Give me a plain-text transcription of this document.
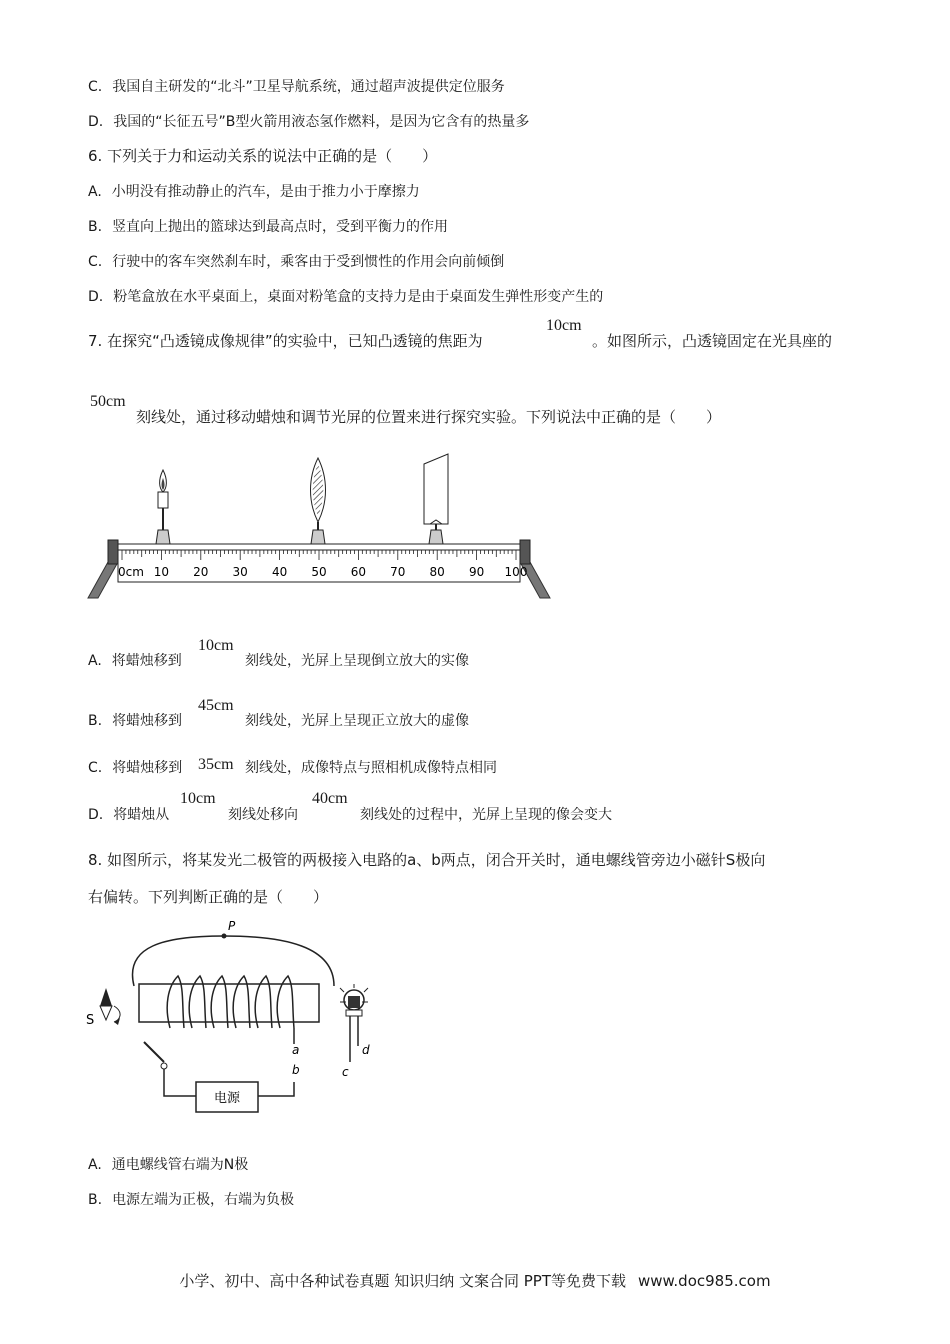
C. 我国自主研发的“北斗”卫星导航系统，通过超声波提供定位服务
D. 我国的“长征五号”B型火箭用液态氢作燃料，是因为它含有的热量多
6. 下列关于力和运动关系的说法中正确的是（　　）
A. 小明没有推动静止的汽车，是由于推力小于摩擦力
B. 竖直向上抛出的篮球达到最高点时，受到平衡力的作用
C. 行驶中的客车突然刹车时，乘客由于受到惯性的作用会向前倾倒
D. 粉笔盒放在水平桌面上，桌面对粉笔盒的支持力是由于桌面发生弹性形变产生的
7. 在探究“凸透镜成像规律”的实验中，已知凸透镜的焦距为
10cm
。如图所示，凸透镜固定在光具座的
50cm
刻线处，通过移动蜡烛和调节光屏的位置来进行探究实验。下列说法中正确的是（　　）
0cm 10 20 30 40 50 60 70 80 90 100
A. 将蜡烛移到
10cm
刻线处，光屏上呈现倒立放大的实像
B. 将蜡烛移到
45cm
刻线处，光屏上呈现正立放大的虚像
C. 将蜡烛移到 35cm 刻线处，成像特点与照相机成像特点相同
D. 将蜡烛从
10cm
刻线处移向
40cm
刻线处的过程中，光屏上呈现的像会变大
8. 如图所示，将某发光二极管的两极接入电路的a、b两点，闭合开关时，通电螺线管旁边小磁针S极向
右偏转。下列判断正确的是（　　）
P
a
S
电源
b	c
d
A. 通电螺线管右端为N极
B. 电源左端为正极，右端为负极
小学、初中、高中各种试卷真题 知识归纳 文案合同 PPT等免费下载 www.doc985.com
